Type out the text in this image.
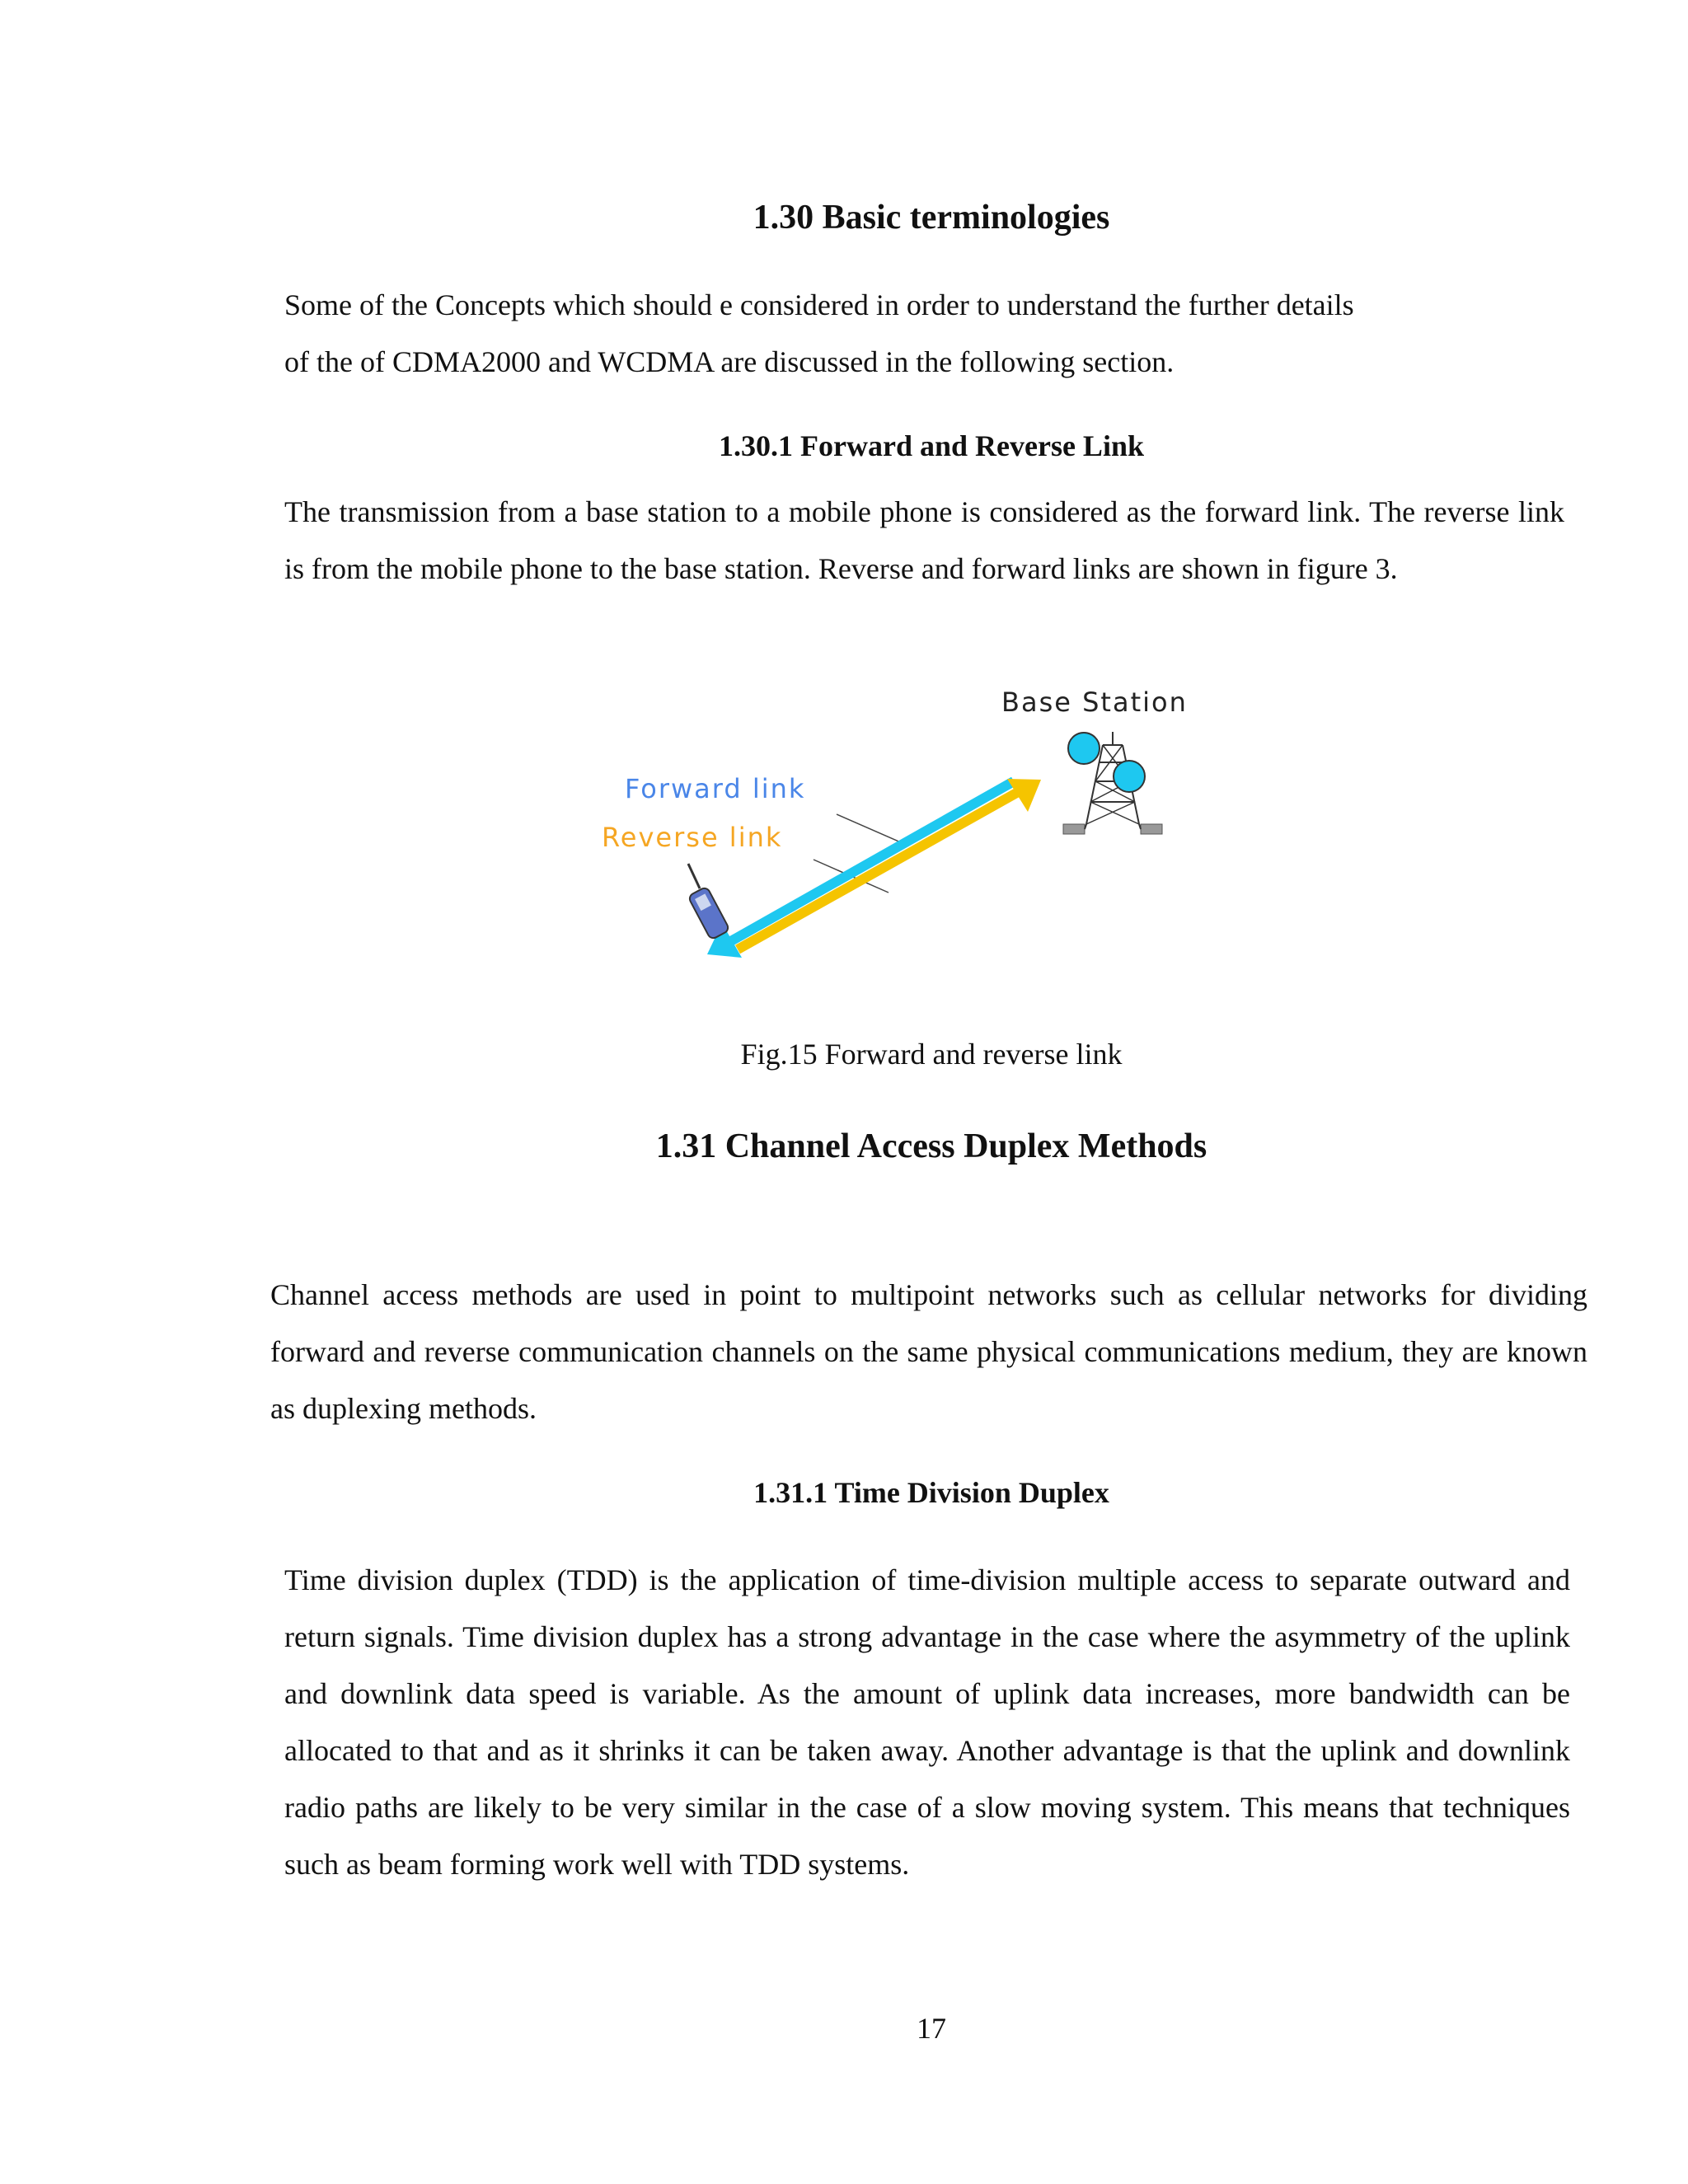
1.30 Basic terminologies

Some of the Concepts which should e considered in order to understand the further details

of the of CDMA2000 and WCDMA are discussed in the following section.

1.30.1 Forward and Reverse Link

The transmission from a base station to a mobile phone is considered as the forward link. The reverse link is from the mobile phone to the base station. Reverse and forward links are shown in figure 3.

Base Station
Forward link
Reverse link
Fig.15 Forward and reverse link
1.31 Channel Access Duplex Methods

Channel access methods are used in point to multipoint networks such as cellular networks for dividing forward and reverse communication channels on the same physical communications medium, they are known as duplexing methods.

1.31.1 Time Division Duplex

Time division duplex (TDD) is the application of time-division multiple access to separate outward and return signals. Time division duplex has a strong advantage in the case where the asymmetry of the uplink and downlink data speed is variable. As the amount of uplink data increases, more bandwidth can be allocated to that and as it shrinks it can be taken away. Another advantage is that the uplink and downlink radio paths are likely to be very similar in the case of a slow moving system. This means that techniques such as beam forming work well with TDD systems.

17
